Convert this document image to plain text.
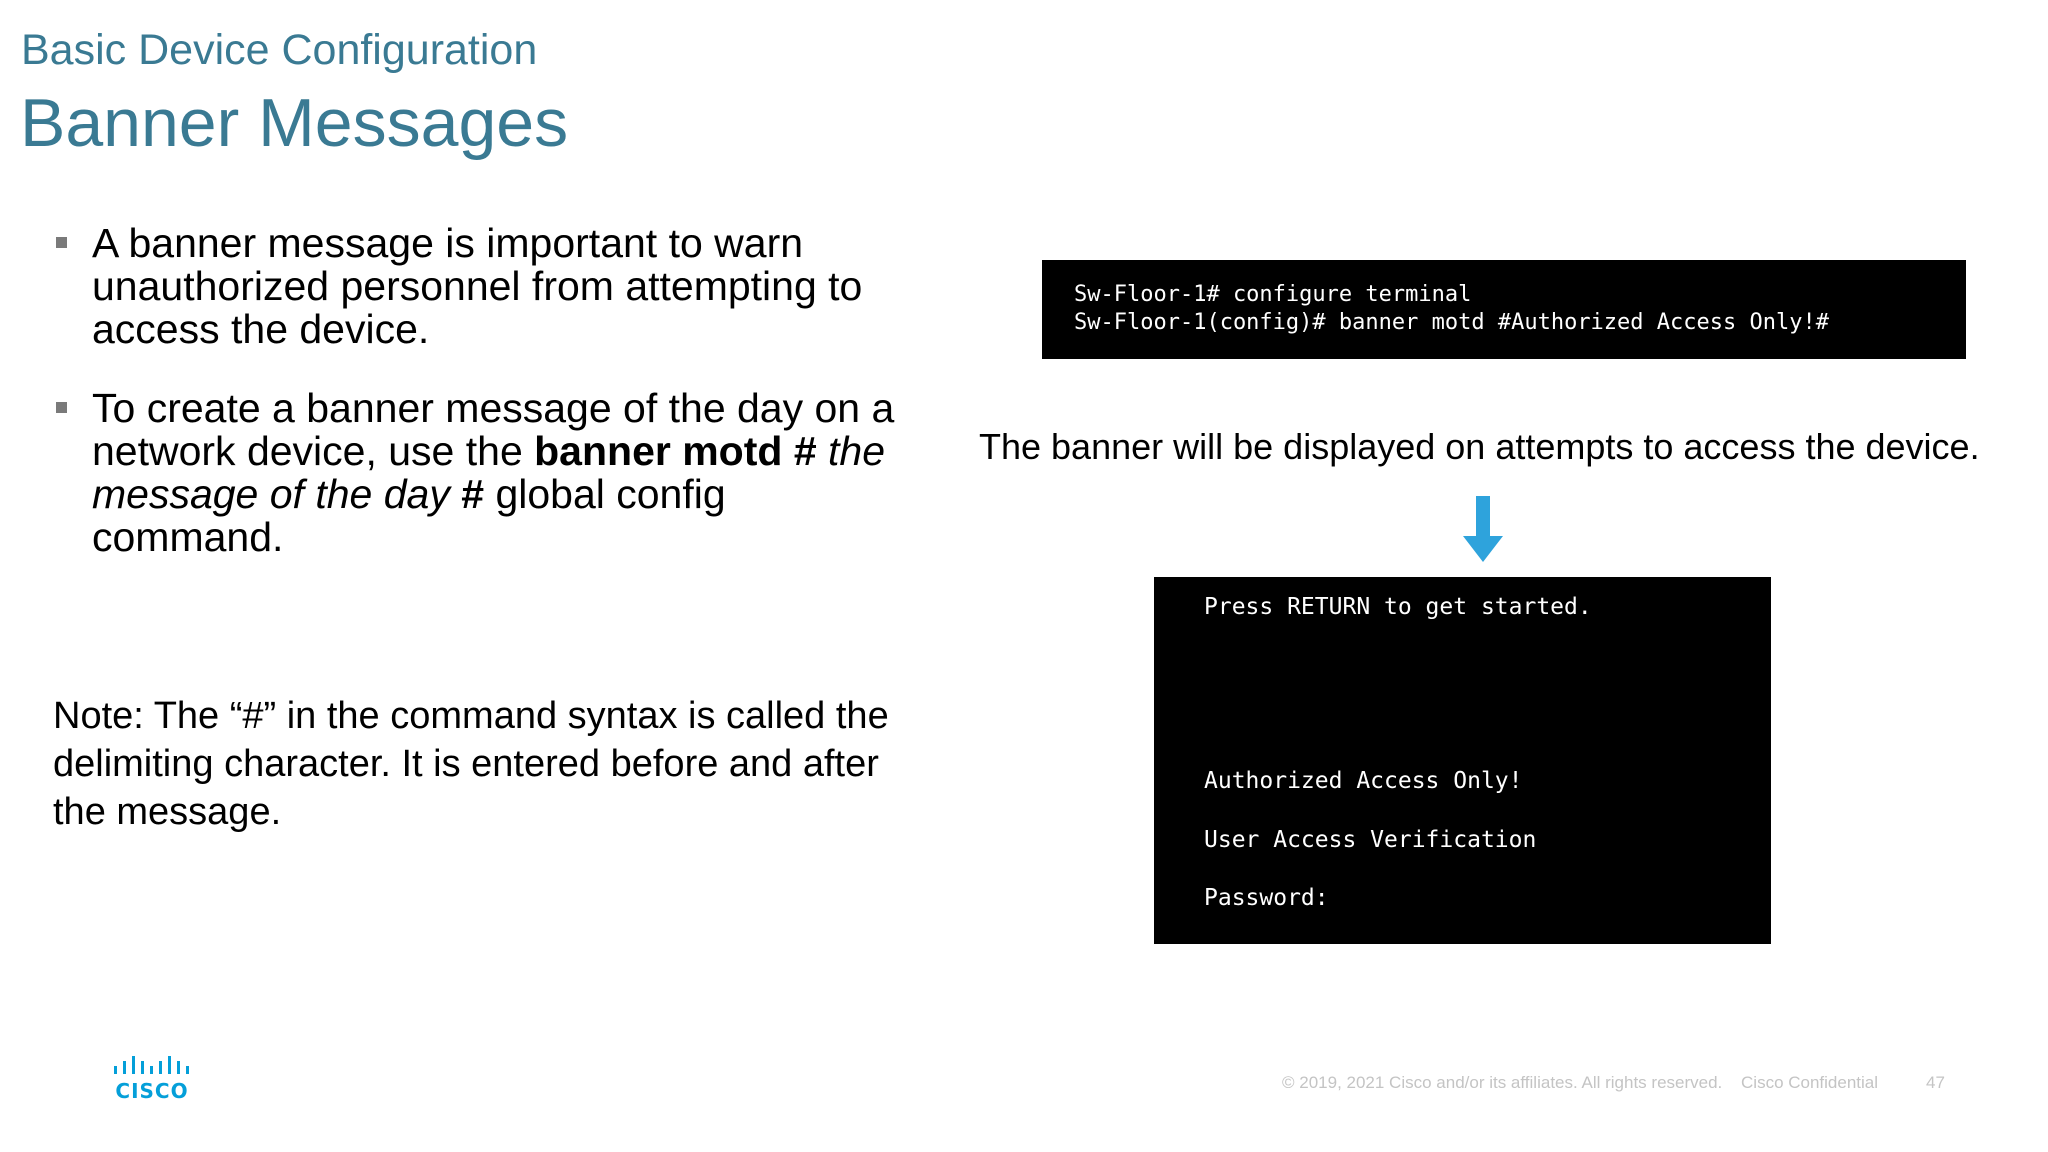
Basic Device Configuration
Banner Messages
A banner message is important to warn unauthorized personnel from attempting to access the device.
To create a banner message of the day on a network device, use the banner motd # the message of the day # global config command.
Note: The “#” in the command syntax is called the delimiting character. It is entered before and after the message.

Sw-Floor-1# configure terminal

Sw-Floor-1(config)# banner motd #Authorized Access Only!#

The banner will be displayed on attempts to access the device.

Press RETURN to get started.

Authorized Access Only!

User Access Verification

Password:

CISCO	© 2019, 2021 Cisco and/or its affiliates. All rights reserved. Cisco Confidential	47
